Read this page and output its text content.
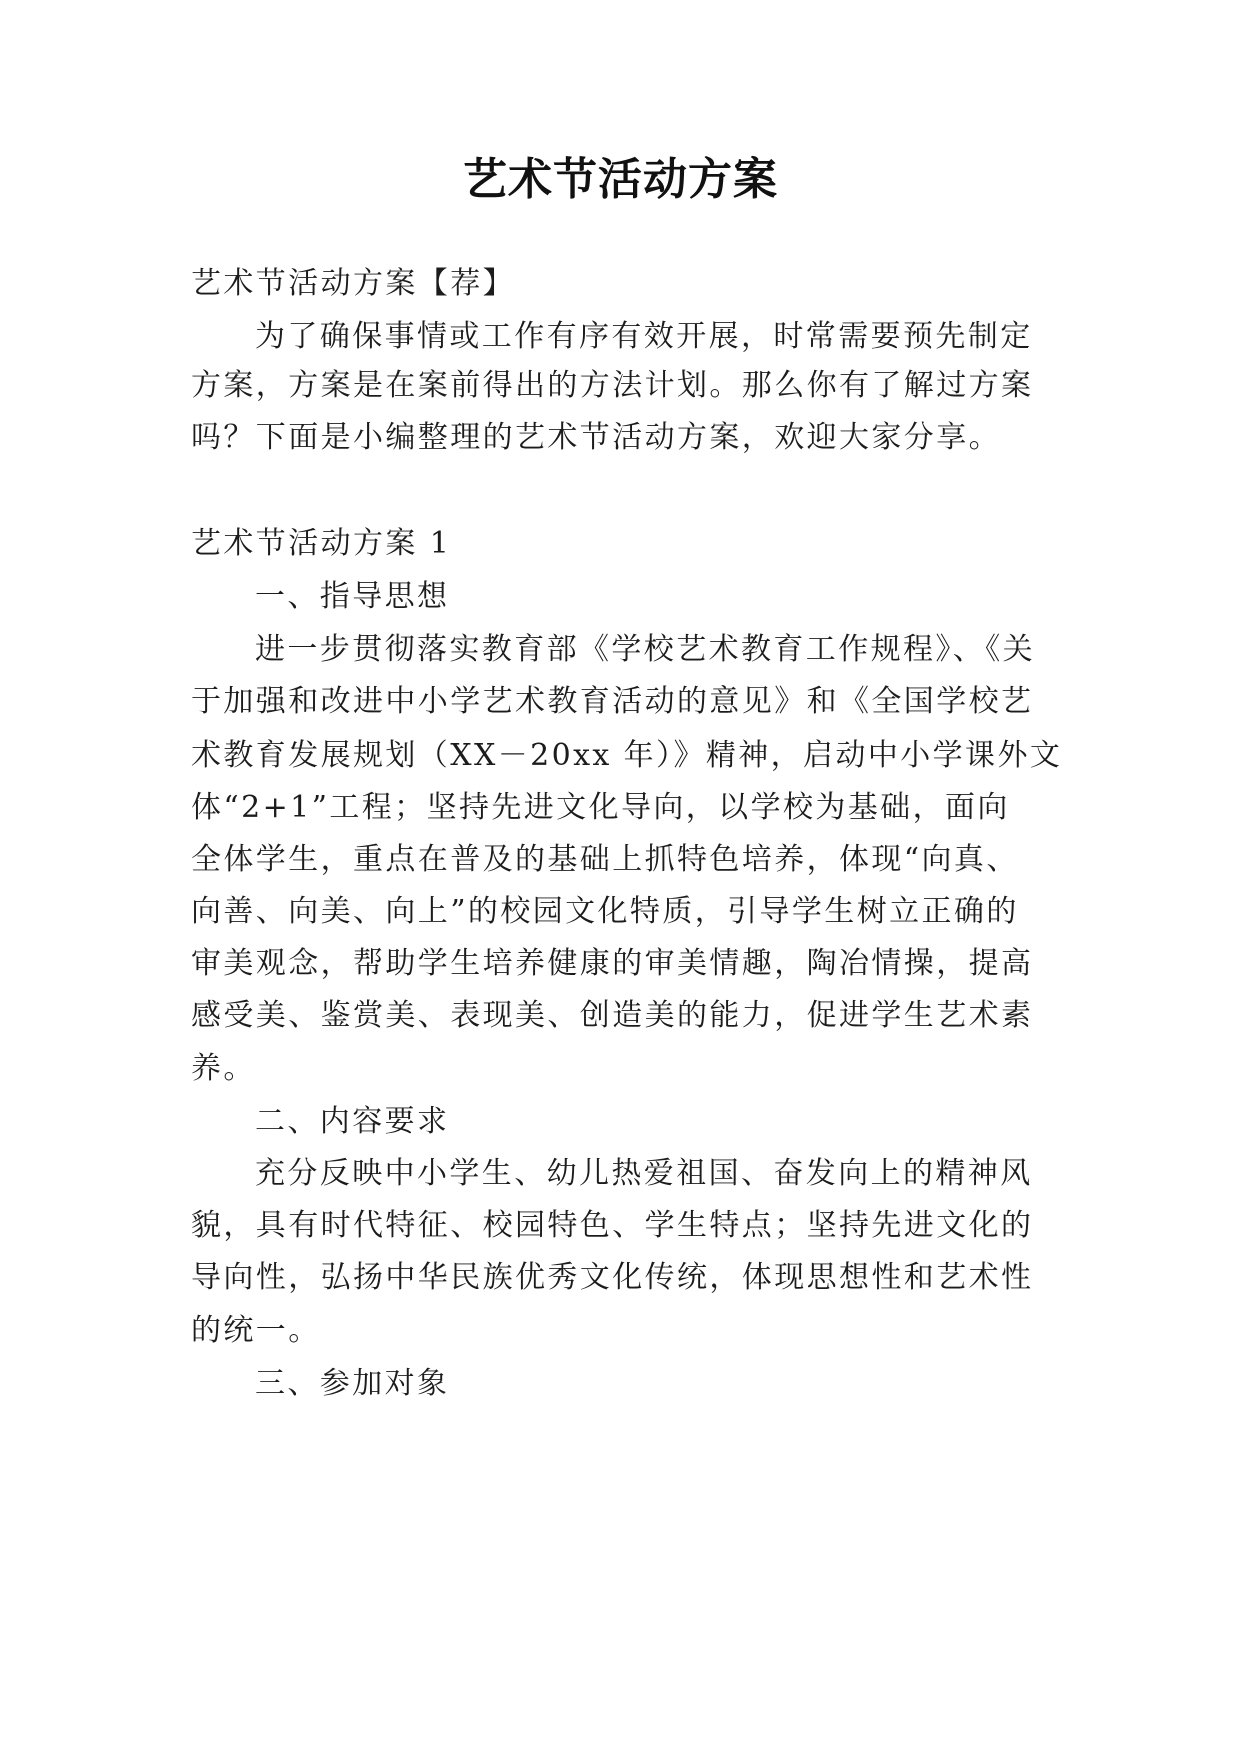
艺术节活动方案
艺术节活动方案【荐】
为了确保事情或工作有序有效开展，时常需要预先制定
方案，方案是在案前得出的方法计划。那么你有了解过方案
吗？下面是小编整理的艺术节活动方案，欢迎大家分享。
艺术节活动方案 1
一、指导思想
进一步贯彻落实教育部《学校艺术教育工作规程》、《关
于加强和改进中小学艺术教育活动的意见》和《全国学校艺
术教育发展规划（XX－20xx 年）》精神，启动中小学课外文
体“2+1”工程；坚持先进文化导向，以学校为基础，面向
全体学生，重点在普及的基础上抓特色培养，体现“向真、
向善、向美、向上”的校园文化特质，引导学生树立正确的
审美观念，帮助学生培养健康的审美情趣，陶冶情操，提高
感受美、鉴赏美、表现美、创造美的能力，促进学生艺术素
养。
二、内容要求
充分反映中小学生、幼儿热爱祖国、奋发向上的精神风
貌，具有时代特征、校园特色、学生特点；坚持先进文化的
导向性，弘扬中华民族优秀文化传统，体现思想性和艺术性
的统一。
三、参加对象
